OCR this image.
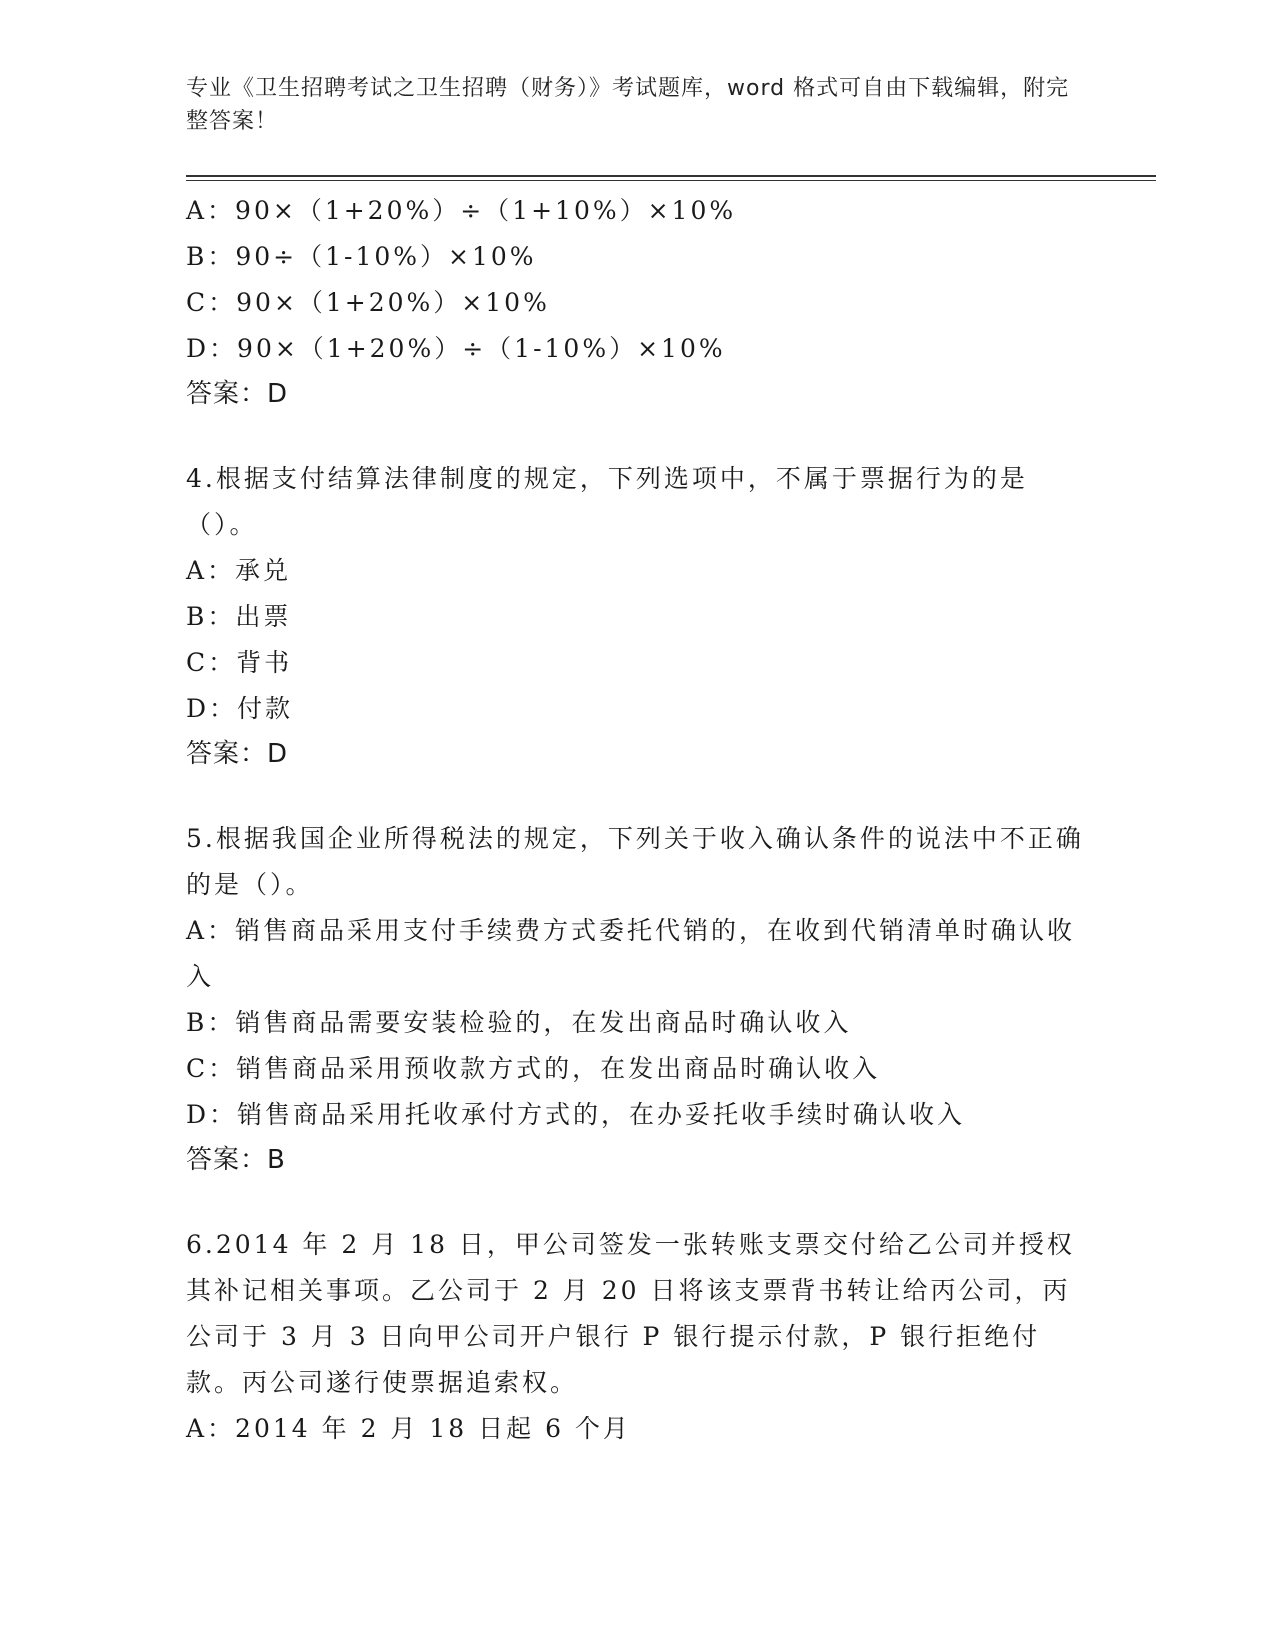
专业《卫生招聘考试之卫生招聘（财务）》考试题库，word 格式可自由下载编辑，附完整答案！
A：90×（1+20%）÷（1+10%）×10%
B：90÷（1-10%）×10%
C：90×（1+20%）×10%
D：90×（1+20%）÷（1-10%）×10%
答案：D
4.根据支付结算法律制度的规定，下列选项中，不属于票据行为的是（）。
A：承兑
B：出票
C：背书
D：付款
答案：D
5.根据我国企业所得税法的规定，下列关于收入确认条件的说法中不正确的是（）。
A：销售商品采用支付手续费方式委托代销的，在收到代销清单时确认收入
B：销售商品需要安装检验的，在发出商品时确认收入
C：销售商品采用预收款方式的，在发出商品时确认收入
D：销售商品采用托收承付方式的，在办妥托收手续时确认收入
答案：B
6.2014 年 2 月 18 日，甲公司签发一张转账支票交付给乙公司并授权其补记相关事项。乙公司于 2 月 20 日将该支票背书转让给丙公司，丙公司于 3 月 3 日向甲公司开户银行 P 银行提示付款，P 银行拒绝付款。丙公司遂行使票据追索权。
A：2014 年 2 月 18 日起 6 个月
